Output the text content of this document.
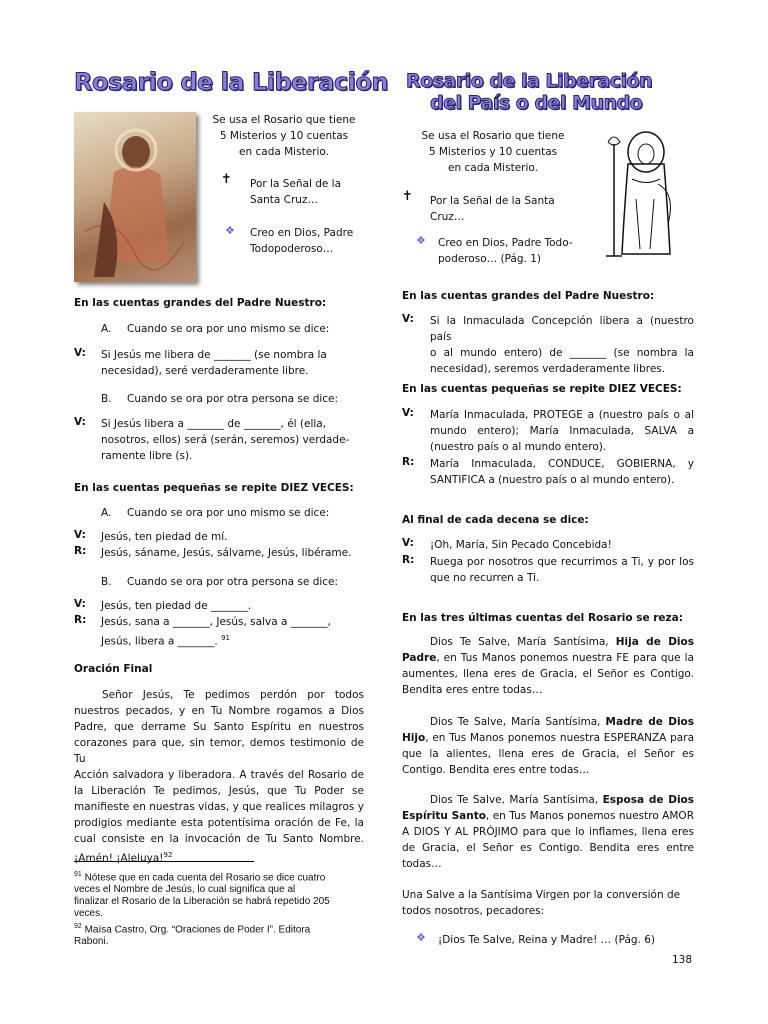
Rosario de la Liberación
Se usa el Rosario que tiene
5 Misterios y 10 cuentas
en cada Misterio.
✝ Por la Señal de la
Santa Cruz…
❖ Creo en Dios, Padre
Todopoderoso…
En las cuentas grandes del Padre Nuestro:
A. Cuando se ora por uno mismo se dice:
V: Si Jesús me libera de _______ (se nombra la
necesidad), seré verdaderamente libre.
B. Cuando se ora por otra persona se dice:
V: Si Jesús libera a _______ de _______, él (ella,
nosotros, ellos) será (serán, seremos) verdade-
ramente libre (s).
En las cuentas pequeñas se repite DIEZ VECES:
A. Cuando se ora por uno mismo se dice:
V: Jesús, ten piedad de mí.
R: Jesús, sáname, Jesús, sálvame, Jesús, libérame.
B. Cuando se ora por otra persona se dice:
V: Jesús, ten piedad de _______.
R: Jesús, sana a _______, Jesús, salva a _______,
Jesús, libera a _______. $^{91}$
Oración Final
Señor Jesús, Te pedimos perdón por todos
nuestros pecados, y en Tu Nombre rogamos a Dios
Padre, que derrame Su Santo Espíritu en nuestros
corazones para que, sin temor, demos testimonio de Tu
Acción salvadora y liberadora. A través del Rosario de
la Liberación Te pedimos, Jesús, que Tu Poder se
manifieste en nuestras vidas, y que realices milagros y
prodigios mediante esta potentísima oración de Fe, la
cual consiste en la invocación de Tu Santo Nombre.
¡Amén! ¡Aleluya!$^{92}$
$^{91}$ Nótese que en cada cuenta del Rosario se dice cuatro
veces el Nombre de Jesús, lo cual significa que al
finalizar el Rosario de la Liberación se habrá repetido 205
veces.
$^{92}$ Maïsa Castro, Org. “Oraciones de Poder I”. Editora
Raboni.
Rosario de la Liberación
del País o del Mundo
Se usa el Rosario que tiene
5 Misterios y 10 cuentas
en cada Misterio.
✝ Por la Señal de la Santa
Cruz…
❖ Creo en Dios, Padre Todo-
poderoso… (Pág. 1)
En las cuentas grandes del Padre Nuestro:
V: Si la Inmaculada Concepción libera a (nuestro país
o al mundo entero) de _______ (se nombra la
necesidad), seremos verdaderamente libres.
En las cuentas pequeñas se repite DIEZ VECES:
V: María Inmaculada, PROTEGE a (nuestro país o al
mundo entero); María Inmaculada, SALVA a
(nuestro país o al mundo entero).
R: María Inmaculada, CONDUCE, GOBIERNA, y
SANTIFICA a (nuestro país o al mundo entero).
Al final de cada decena se dice:
V: ¡Oh, María, Sin Pecado Concebida!
R: Ruega por nosotros que recurrimos a Ti, y por los
que no recurren a Ti.
En las tres últimas cuentas del Rosario se reza:
Dios Te Salve, María Santísima, Hija de Dios Padre, en Tus Manos ponemos nuestra FE para que la aumentes, llena eres de Gracia, el Señor es Contigo. Bendita eres entre todas…
Dios Te Salve, María Santísima, Madre de Dios Hijo, en Tus Manos ponemos nuestra ESPERANZA para que la alientes, llena eres de Gracia, el Señor es Contigo. Bendita eres entre todas…
Dios Te Salve, María Santísima, Esposa de Dios Espíritu Santo, en Tus Manos ponemos nuestro AMOR A DIOS Y AL PRÓJIMO para que lo inflames, llena eres de Gracia, el Señor es Contigo. Bendita eres entre todas…
Una Salve a la Santísima Virgen por la conversión de
todos nosotros, pecadores:
❖ ¡Dios Te Salve, Reina y Madre! … (Pág. 6)
138
